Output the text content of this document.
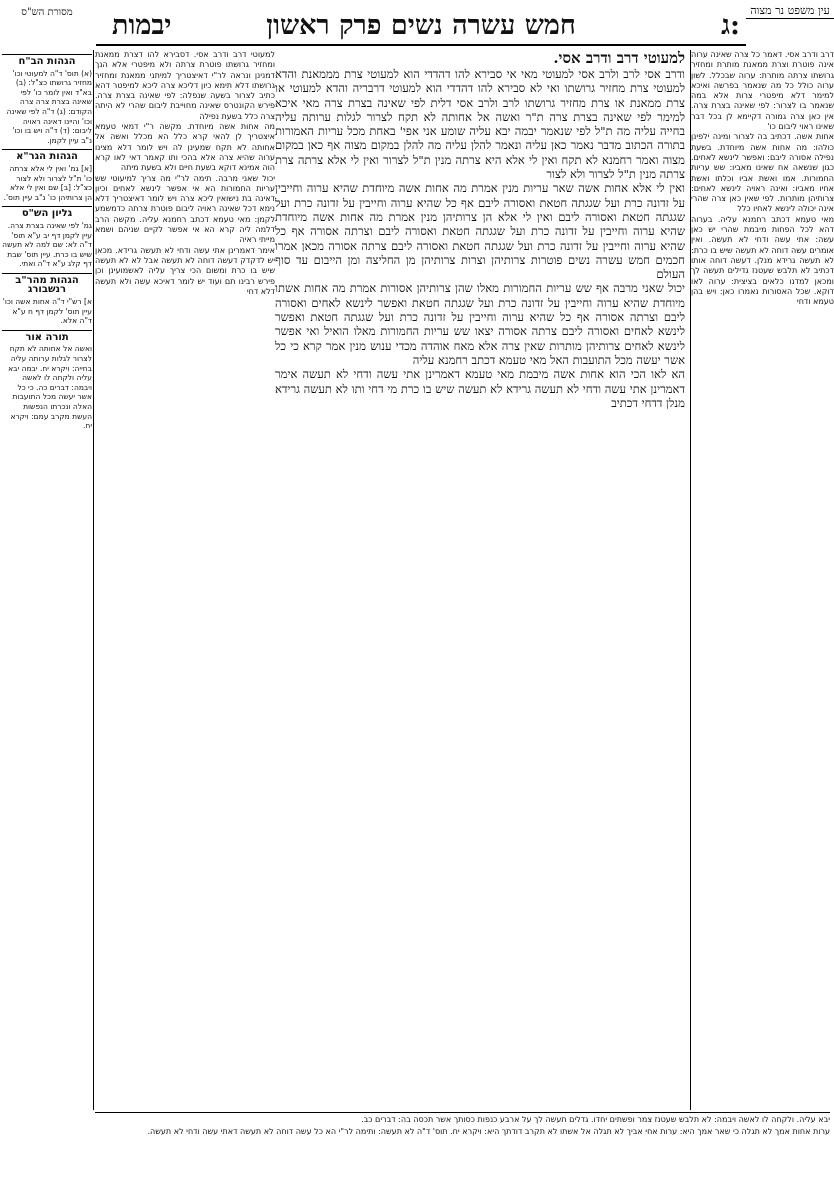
מסורת הש"ס	עין משפט נר מצוה
יבמות	חמש עשרה נשים פרק ראשון	ג:

דרב ודרב אסי. דאמר כל צרה שאינה ערוה אינה פוטרת וצרת ממאנת מותרת ומחזיר גרושתו צרתה מותרת: ערוה שבכלל. לשון ערוה כולל כל מה שנאמר בפרשה ואיכא למימר דלא מיפטרי צרות אלא במה שנאמר בו לצרור: לפי שאינה בצרת צרה. אין כאן צרה גמורה דקיימא לן בכל דבר שאינו ראוי ליבום כו'

אחות אשה. דכתיב בה לצרור ומינה ילפינן כולהו: מה אחות אשה מיוחדת. בשעת נפילה אסורה ליבם: ואפשר לינשא לאחים. כגון שנשאה אח שאינו מאביו: שש עריות החמורות. אמו ואשת אביו וכלתו ואשת אחיו מאביו: ואינה ראויה לינשא לאחים: צרותיהן מותרות. לפי שאין כאן צרה שהרי אינה יכולה לינשא לאחיו כלל

מאי טעמא דכתב רחמנא עליה. בערוה דהא לכל הפחות מיבמת שהרי יש כאן עשה: אתי עשה ודחי לא תעשה. ואין אומרים עשה דוחה לא תעשה שיש בו כרת: לא תעשה גרידא מנלן. דעשה דוחה אותו דכתיב לא תלבש שעטנז גדילים תעשה לך ומכאן למדנו כלאים בציצית: ערוה לאו דוקא. שכל האסורות נאמרו כאן: ויש בהן טעמא ודחי

למעוטי דרב ודרב אסי.

ודרב אסי לרב ולרב אסי למעוטי מאי אי סבירא להו דהדדי הוא למעוטי צרת מממאנת והדא למעוטי צרת מחזיר גרושתו ואי לא סבירא להו דהדדי הוא למעוטי דרבריה והדא למעוטי או צרת ממאנת או צרת מחזיר גרושתו לרב ולרב אסי דלית לפי שאינה בצרת צרה מאי איכא למימר לפי שאינה בצרת צרה ת"ר ואשה אל אחותה לא תקח לצרור לגלות ערותה עליה בחייה עליה מה ת"ל לפי שנאמר יבמה יבא עליה שומע אני אפי' באחת מכל עריות האמורות בתורה הכתוב מדבר נאמר כאן עליה ונאמר להלן עליה מה להלן במקום מצוה אף כאן במקום מצוה ואמר רחמנא לא תקח ואין לי אלא היא צרתה מנין ת"ל לצרור ואין לי אלא צרתה צרת צרתה מנין ת"ל לצרור ולא לצור

ואין לי אלא אחות אשה שאר עריות מנין אמרת מה אחות אשה מיוחדת שהיא ערוה וחייבין על זדונה כרת ועל שגגתה חטאת ואסורה ליבם אף כל שהיא ערוה וחייבין על זדונה כרת ועל שגגתה חטאת ואסורה ליבם ואין לי אלא הן צרותיהן מנין אמרת מה אחות אשה מיוחדת שהיא ערוה וחייבין על זדונה כרת ועל שגגתה חטאת ואסורה ליבם וצרתה אסורה אף כל שהיא ערוה וחייבין על זדונה כרת ועל שגגתה חטאת ואסורה ליבם צרתה אסורה מכאן אמרו חכמים חמש עשרה נשים פוטרות צרותיהן וצרות צרותיהן מן החליצה ומן הייבום עד סוף העולם

יכול שאני מרבה אף שש עריות החמורות מאלו שהן צרותיהן אסורות אמרת מה אחות אשתו מיוחדת שהיא ערוה וחייבין על זדונה כרת ועל שגגתה חטאת ואפשר לינשא לאחים ואסורה ליבם וצרתה אסורה אף כל שהיא ערוה וחייבין על זדונה כרת ועל שגגתה חטאת ואפשר לינשא לאחים ואסורה ליבם צרתה אסורה יצאו שש עריות החמורות מאלו הואיל ואי אפשר לינשא לאחים צרותיהן מותרות שאין צרה אלא מאח אוהדה מכדי ענוש מנין אמר קרא כי כל אשר יעשה מכל התועבות האל מאי טעמא דכתב רחמנא עליה

הא לאו הכי הוא אחות אשה מיבמת מאי טעמא דאמרינן אתי עשה ודחי לא תעשה אימר דאמרינן אתי עשה ודחי לא תעשה גרידא לא תעשה שיש בו כרת מי דחי ותו לא תעשה גרידא מנלן דדחי דכתיב

למעוטי דרב ודרב אסי. דסבירא להו דצרת ממאנת ומחזיר גרושתו פוטרת צרתה ולא מיפטרי אלא הנך דמנינן ונראה לר"י דאיצטריך למיתני ממאנת ומחזיר גרושתו דלא תימא כיון דליכא צרה ליכא למיפטר דהא כתיב לצרור בשעה שנפלה: לפי שאינה בצרת צרה. פירש הקונטרס שאינה מחוייבת ליבום שהרי לא היתה צרה כלל בשעת נפילה

מה אחות אשה מיוחדת. מקשה ר"י דמאי טעמא איצטריך לן להאי קרא כלל הא מכלל ואשה אל אחותה לא תקח שמעינן לה ויש לומר דלא מצינו ערוה שהיא צרה אלא בהכי ותו קאמר דאי לאו קרא הוה אמינא דוקא בשעת חיים ולא בשעת מיתה

יכול שאני מרבה. תימה לר"י מה צריך למיעוטי שש עריות החמורות הא אי אפשר לינשא לאחים וכיון דאינה בת נישואין ליכא צרה ויש לומר דאיצטריך דלא נימא דכל שאינה ראויה ליבום פוטרת צרתה כדמשמע לקמן: מאי טעמא דכתב רחמנא עליה. מקשה הרב דלמה ליה קרא הא אי אפשר לקיים שניהם ושמא מייתי ראיה

אימר דאמרינן אתי עשה ודחי לא תעשה גרידא. מכאן יש לדקדק דעשה דוחה לא תעשה אבל לא לא תעשה שיש בו כרת ומשום הכי צריך עליה לאשמועינן וכן פירש רבינו תם ועוד יש לומר דאיכא עשה ולא תעשה דלא דחי

הגהות הב"ח

(א) תוס' ד"ה למעוטי וכו' מחזיר גרושתו כצ"ל: (ב) בא"ד ואין לומר כו' לפי שאינה בצרת צרה צרה הקודם: (ג) ד"ה לפי שאינה וכו' והיינו דאינה ראויה ליבום: (ד) ד"ה ויש בו וכו' נ"ב עיין לקמן.

הגהות הגר"א

[א] גמ' ואין לי אלא צרתה כו' ת"ל לצרור ולא לצור כצ"ל: [ב] שם ואין לי אלא הן צרותיהן כו' נ"ב עיין תוס'.

גליון הש"ס

גמ' לפי שאינה בצרת צרה. עיין לקמן דף יב ע"א תוס' ד"ה לא: שם למה לא תעשה שיש בו כרת. עיין תוס' שבת דף קלג ע"א ד"ה ואתי.

הגהות מהר"ב רנשבורג

א] רש"י ד"ה אחות אשה וכו' עיין תוס' לקמן דף ח ע"א ד"ה אלא.

תורה אור

ואשה אל אחותה לא תקח לצרור לגלות ערותה עליה בחייה: ויקרא יח. יבמה יבא עליה ולקחה לו לאשה ויבמה: דברים כה. כי כל אשר יעשה מכל התועבות האלה ונכרתו הנפשות העשת מקרב עמם: ויקרא יח.

יבא עליה. ולקחה לו לאשה ויבמה: לא תלבש שעטנז צמר ופשתים יחדו. גדלים תעשה לך על ארבע כנפות כסותך אשר תכסה בה: דברים כב.

ערות אחות אמך לא תגלה כי שאר אמך היא: ערות אחי אביך לא תגלה אל אשתו לא תקרב דודתך היא: ויקרא יח. תוס' ד"ה לא תעשה: ותימה לר"י הא כל עשה דוחה לא תעשה דאתי עשה ודחי לא תעשה.
